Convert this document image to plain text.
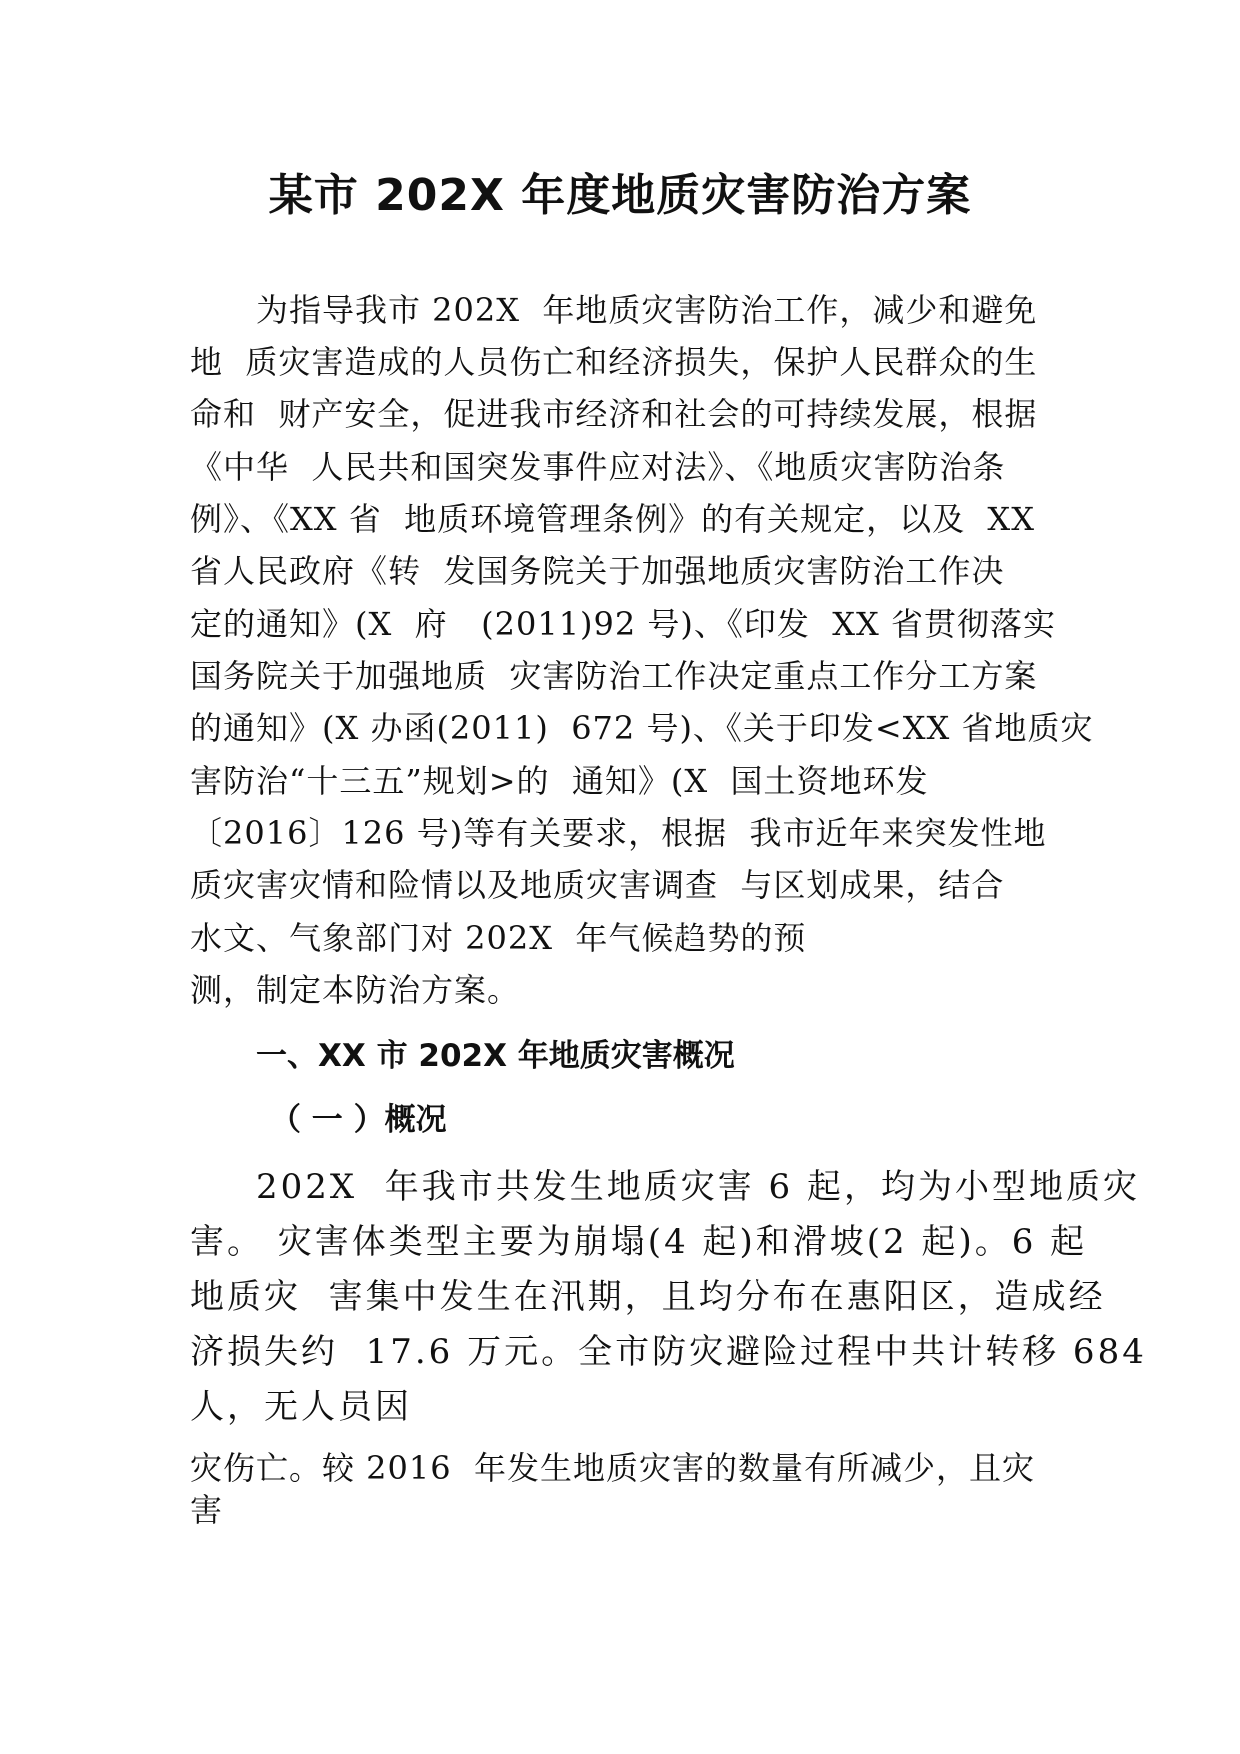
某市 202X 年度地质灾害防治方案
为指导我市 202X  年地质灾害防治工作，减少和避免
地  质灾害造成的人员伤亡和经济损失，保护人民群众的生
命和  财产安全，促进我市经济和社会的可持续发展，根据
《中华  人民共和国突发事件应对法》、《地质灾害防治条
例》、《XX 省  地质环境管理条例》的有关规定，以及  XX
省人民政府《转  发国务院关于加强地质灾害防治工作决
定的通知》(X  府   (2011)92 号)、《印发  XX 省贯彻落实
国务院关于加强地质  灾害防治工作决定重点工作分工方案
的通知》(X 办函(2011)  672 号)、《关于印发<XX 省地质灾
害防治“十三五”规划>的  通知》(X  国土资地环发
〔2016〕126 号)等有关要求，根据  我市近年来突发性地
质灾害灾情和险情以及地质灾害调查  与区划成果，结合
水文、气象部门对 202X  年气候趋势的预
测，制定本防治方案。
一、XX 市 202X 年地质灾害概况
（ 一 ）概况
202X  年我市共发生地质灾害 6 起，均为小型地质灾
害。 灾害体类型主要为崩塌(4 起)和滑坡(2 起)。6 起
地质灾  害集中发生在汛期，且均分布在惠阳区，造成经
济损失约  17.6 万元。全市防灾避险过程中共计转移 684
人，无人员因
灾伤亡。较 2016  年发生地质灾害的数量有所减少，且灾
害
